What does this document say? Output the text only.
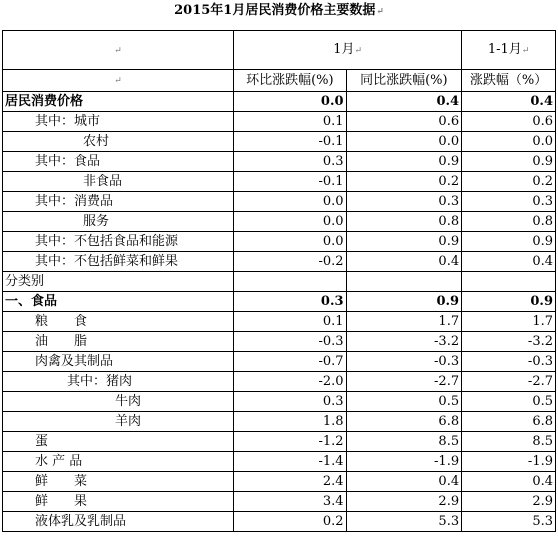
2015年1月居民消费价格主要数据↵
↵	1月↵		1-1月↵
↵	环比涨跌幅(%)	同比涨跌幅(%)	涨跌幅（%）
居民消费价格	0.0	0.4	0.4
其中：城市	0.1	0.6	0.6
农村	-0.1	0.0	0.0
其中：食品	0.3	0.9	0.9
非食品	-0.1	0.2	0.2
其中：消费品	0.0	0.3	0.3
服务	0.0	0.8	0.8
其中：不包括食品和能源	0.0	0.9	0.9
其中：不包括鲜菜和鲜果	-0.2	0.4	0.4
分类别			
一、食品	0.3	0.9	0.9
粮　　食	0.1	1.7	1.7
油　　脂	-0.3	-3.2	-3.2
肉禽及其制品	-0.7	-0.3	-0.3
其中：猪肉	-2.0	-2.7	-2.7
牛肉	0.3	0.5	0.5
羊肉	1.8	6.8	6.8
蛋	-1.2	8.5	8.5
水 产 品	-1.4	-1.9	-1.9
鲜　　菜	2.4	0.4	0.4
鲜　　果	3.4	2.9	2.9
液体乳及乳制品	0.2	5.3	5.3
